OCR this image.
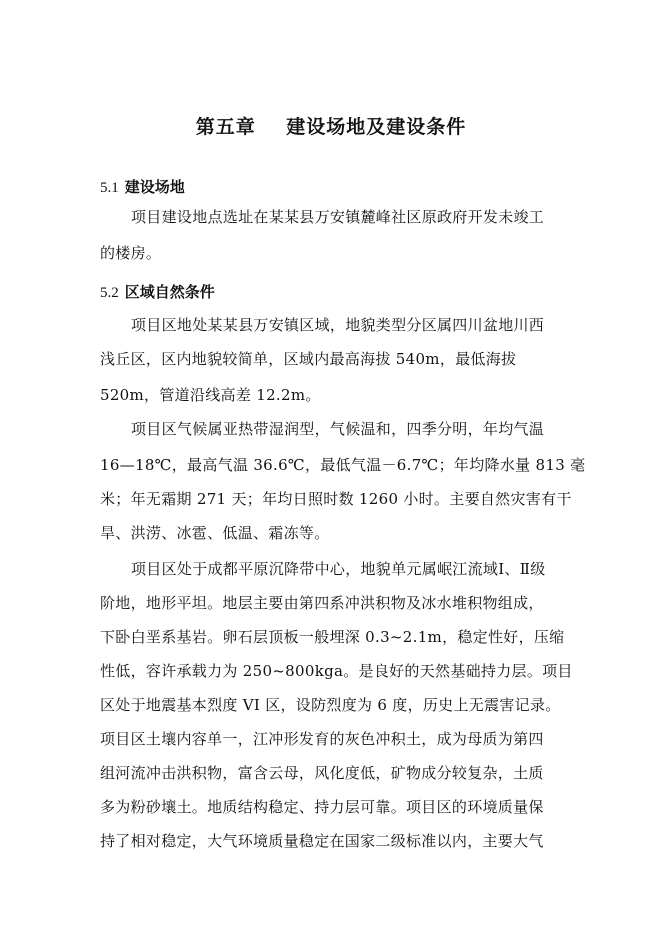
第五章    建设场地及建设条件
5.1 建设场地
项目建设地点选址在某某县万安镇麓峰社区原政府开发未竣工
的楼房。
5.2 区域自然条件
项目区地处某某县万安镇区域，地貌类型分区属四川盆地川西
浅丘区，区内地貌较简单，区域内最高海拔 540m，最低海拔
520m，管道沿线高差 12.2m。
项目区气候属亚热带湿润型，气候温和，四季分明，年均气温
16—18℃，最高气温 36.6℃，最低气温－6.7℃；年均降水量 813 毫
米；年无霜期 271 天；年均日照时数 1260 小时。主要自然灾害有干
旱、洪涝、冰雹、低温、霜冻等。
项目区处于成都平原沉降带中心，地貌单元属岷江流域Ⅰ、Ⅱ级
阶地，地形平坦。地层主要由第四系冲洪积物及冰水堆积物组成，
下卧白垩系基岩。卵石层顶板一般埋深 0.3~2.1m，稳定性好，压缩
性低，容许承载力为 250~800kga。是良好的天然基础持力层。项目
区处于地震基本烈度 VI 区，设防烈度为 6 度，历史上无震害记录。
项目区土壤内容单一，江冲形发育的灰色冲积土，成为母质为第四
组河流冲击洪积物，富含云母，风化度低，矿物成分较复杂，土质
多为粉砂壤土。地质结构稳定、持力层可靠。项目区的环境质量保
持了相对稳定，大气环境质量稳定在国家二级标准以内，主要大气
